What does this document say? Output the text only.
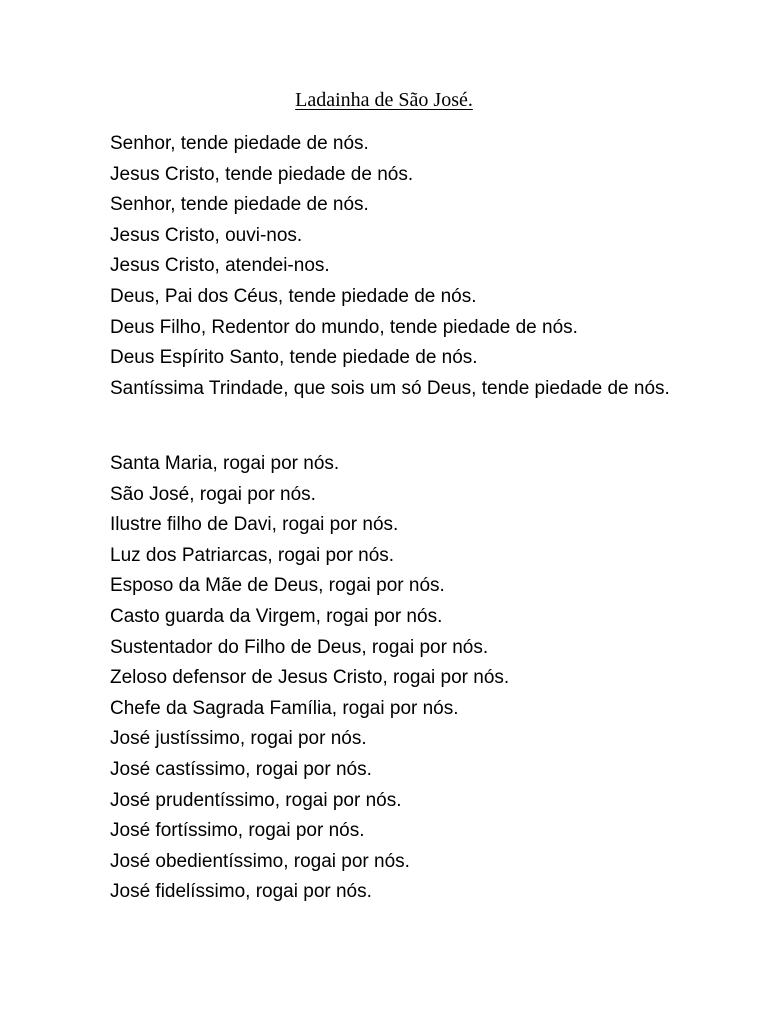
Ladainha de São José.
Senhor, tende piedade de nós.
Jesus Cristo, tende piedade de nós.
Senhor, tende piedade de nós.
Jesus Cristo, ouvi-nos.
Jesus Cristo, atendei-nos.
Deus, Pai dos Céus, tende piedade de nós.
Deus Filho, Redentor do mundo, tende piedade de nós.
Deus Espírito Santo, tende piedade de nós.
Santíssima Trindade, que sois um só Deus, tende piedade de nós.
Santa Maria, rogai por nós.
São José, rogai por nós.
Ilustre filho de Davi, rogai por nós.
Luz dos Patriarcas, rogai por nós.
Esposo da Mãe de Deus, rogai por nós.
Casto guarda da Virgem, rogai por nós.
Sustentador do Filho de Deus, rogai por nós.
Zeloso defensor de Jesus Cristo, rogai por nós.
Chefe da Sagrada Família, rogai por nós.
José justíssimo, rogai por nós.
José castíssimo, rogai por nós.
José prudentíssimo, rogai por nós.
José fortíssimo, rogai por nós.
José obedientíssimo, rogai por nós.
José fidelíssimo, rogai por nós.
